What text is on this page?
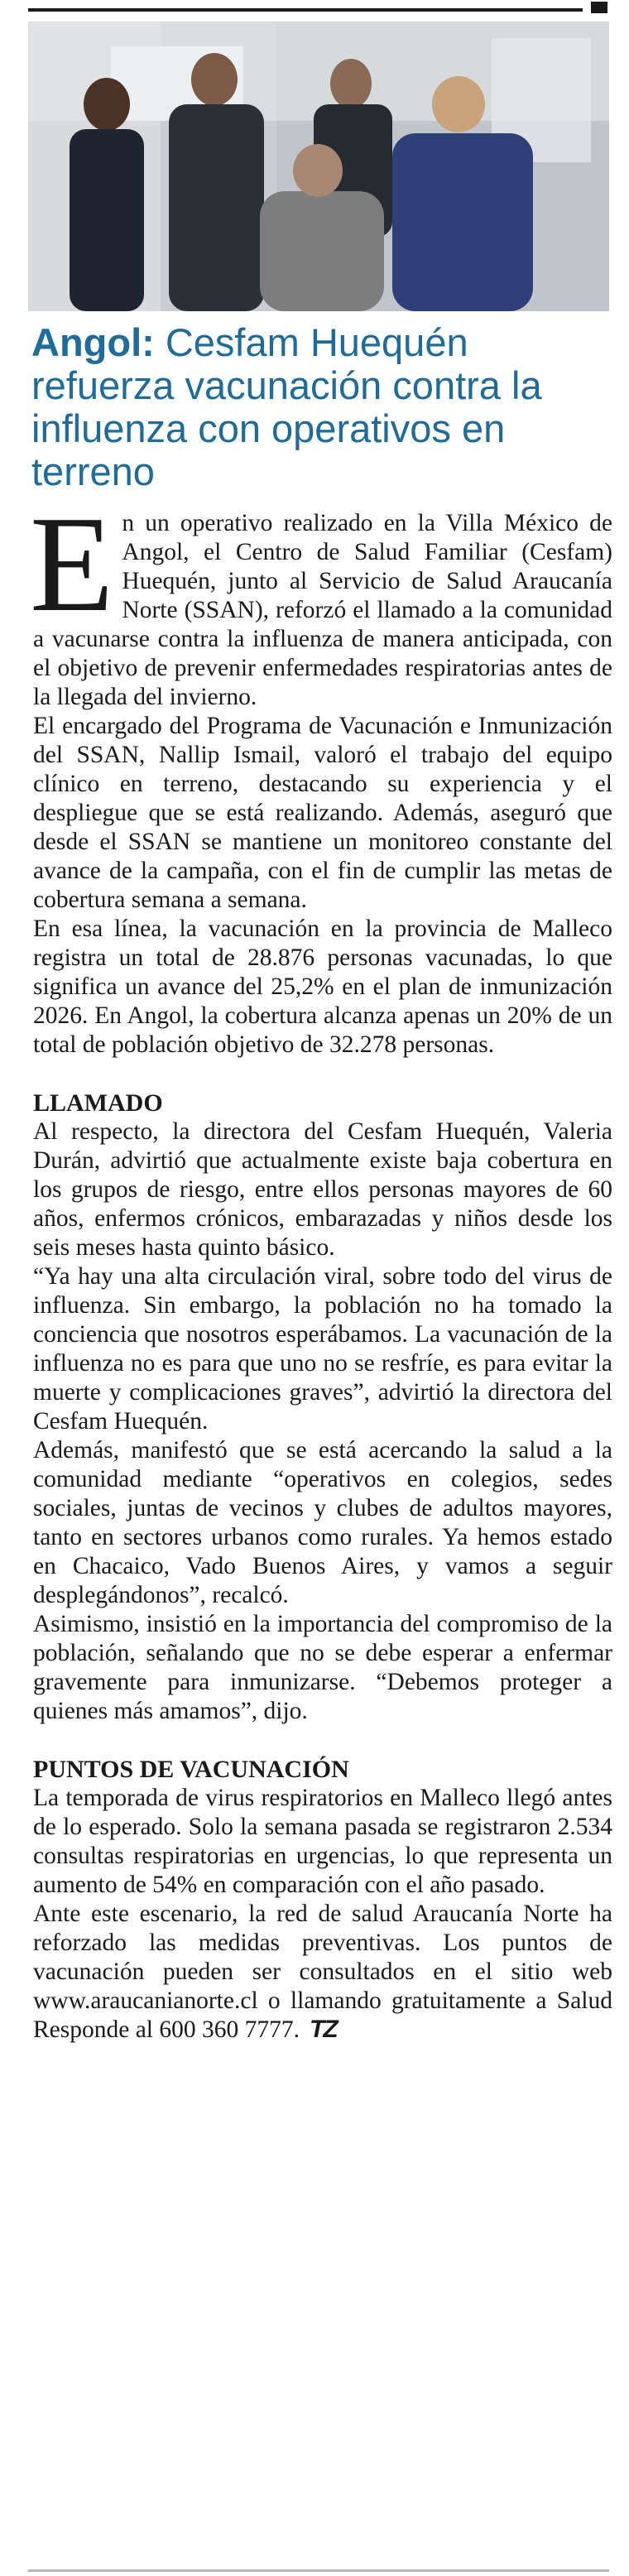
Angol: Cesfam Huequén refuerza vacunación contra la influenza con operativos en terreno

En un operativo realizado en la Villa México de Angol, el Centro de Salud Familiar (Cesfam) Huequén, junto al Servicio de Salud Araucanía Norte (SSAN), reforzó el llamado a la comunidad a vacunarse contra la influenza de manera anticipada, con el objetivo de prevenir enfermedades respiratorias antes de la llegada del invierno.

El encargado del Programa de Vacunación e Inmunización del SSAN, Nallip Ismail, valoró el trabajo del equipo clínico en terreno, destacando su experiencia y el despliegue que se está realizando. Además, aseguró que desde el SSAN se mantiene un monitoreo constante del avance de la campaña, con el fin de cumplir las metas de cobertura semana a semana.

En esa línea, la vacunación en la provincia de Malleco registra un total de 28.876 personas vacunadas, lo que significa un avance del 25,2% en el plan de inmunización 2026. En Angol, la cobertura alcanza apenas un 20% de un total de población objetivo de 32.278 personas.

LLAMADO

Al respecto, la directora del Cesfam Huequén, Valeria Durán, advirtió que actualmente existe baja cobertura en los grupos de riesgo, entre ellos personas mayores de 60 años, enfermos crónicos, embarazadas y niños desde los seis meses hasta quinto básico.

“Ya hay una alta circulación viral, sobre todo del virus de influenza. Sin embargo, la población no ha tomado la conciencia que nosotros esperábamos. La vacunación de la influenza no es para que uno no se resfríe, es para evitar la muerte y complicaciones graves”, advirtió la directora del Cesfam Huequén.

Además, manifestó que se está acercando la salud a la comunidad mediante “operativos en colegios, sedes sociales, juntas de vecinos y clubes de adultos mayores, tanto en sectores urbanos como rurales. Ya hemos estado en Chacaico, Vado Buenos Aires, y vamos a seguir desplegándonos”, recalcó.

Asimismo, insistió en la importancia del compromiso de la población, señalando que no se debe esperar a enfermar gravemente para inmunizarse. “Debemos proteger a quienes más amamos”, dijo.

PUNTOS DE VACUNACIÓN

La temporada de virus respiratorios en Malleco llegó antes de lo esperado. Solo la semana pasada se registraron 2.534 consultas respiratorias en urgencias, lo que representa un aumento de 54% en comparación con el año pasado.

Ante este escenario, la red de salud Araucanía Norte ha reforzado las medidas preventivas. Los puntos de vacunación pueden ser consultados en el sitio web www.araucanianorte.cl o llamando gratuitamente a Salud Responde al 600 360 7777. TZ
